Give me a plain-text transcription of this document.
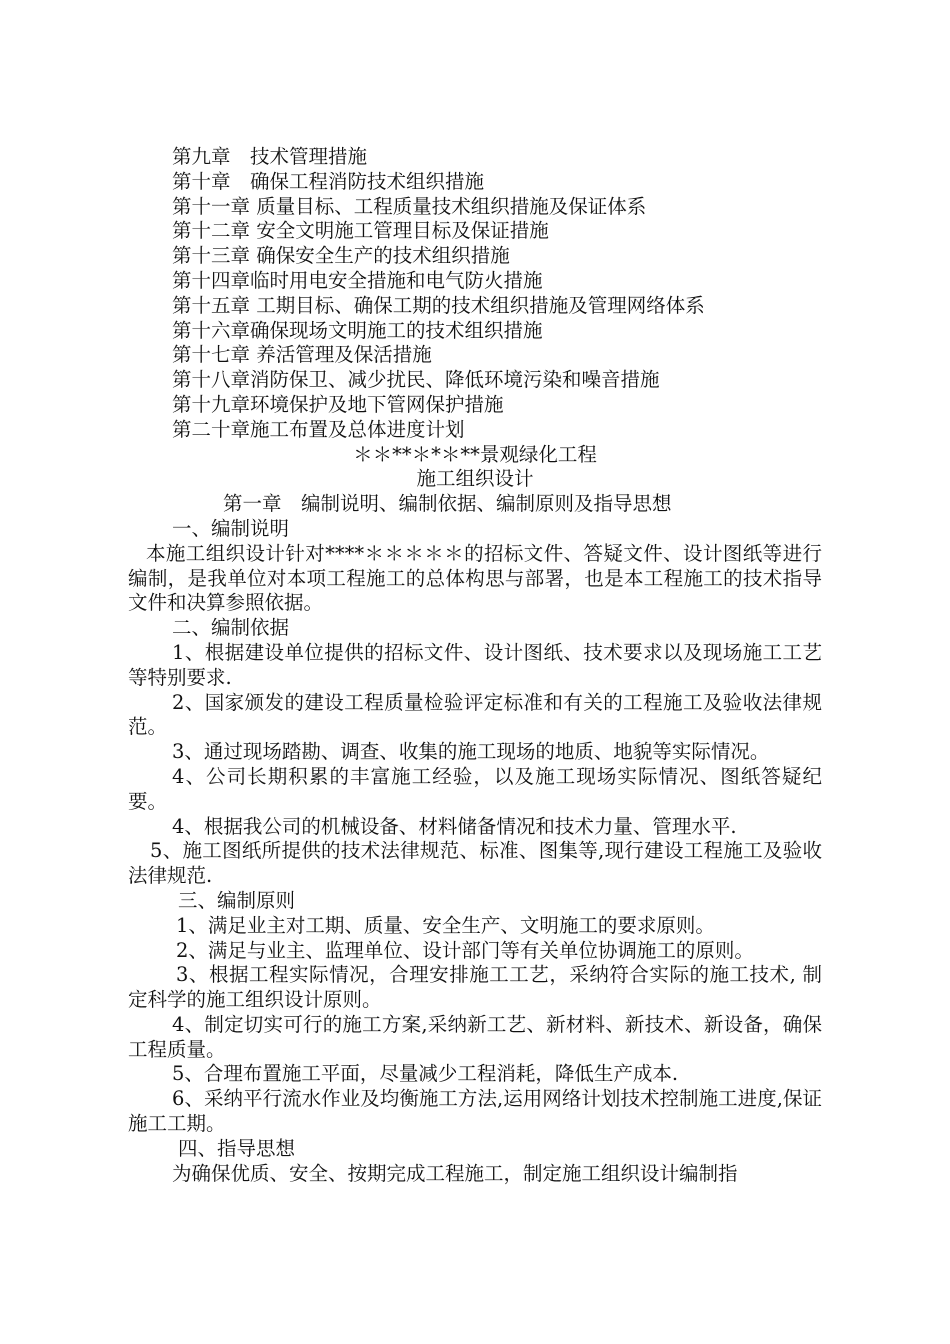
第九章　技术管理措施
第十章　确保工程消防技术组织措施
第十一章 质量目标、工程质量技术组织措施及保证体系
第十二章 安全文明施工管理目标及保证措施
第十三章 确保安全生产的技术组织措施
第十四章临时用电安全措施和电气防火措施
第十五章 工期目标、确保工期的技术组织措施及管理网络体系
第十六章确保现场文明施工的技术组织措施
第十七章 养活管理及保活措施
第十八章消防保卫、减少扰民、降低环境污染和噪音措施
第十九章环境保护及地下管网保护措施
第二十章施工布置及总体进度计划
＊＊**＊*＊**景观绿化工程
施工组织设计
第一章　编制说明、编制依据、编制原则及指导思想
一、编制说明

本施工组织设计针对****＊＊＊＊＊的招标文件、答疑文件、设计图纸等进行编制，是我单位对本项工程施工的总体构思与部署，也是本工程施工的技术指导文件和决算参照依据。

二、编制依据

1、根据建设单位提供的招标文件、设计图纸、技术要求以及现场施工工艺等特别要求.

2、国家颁发的建设工程质量检验评定标准和有关的工程施工及验收法律规范。

3、通过现场踏勘、调查、收集的施工现场的地质、地貌等实际情况。

4、公司长期积累的丰富施工经验，以及施工现场实际情况、图纸答疑纪要。

4、根据我公司的机械设备、材料储备情况和技术力量、管理水平.

5、施工图纸所提供的技术法律规范、标准、图集等,现行建设工程施工及验收法律规范.

三、编制原则

1、满足业主对工期、质量、安全生产、文明施工的要求原则。

2、满足与业主、监理单位、设计部门等有关单位协调施工的原则。

3、根据工程实际情况，合理安排施工工艺，采纳符合实际的施工技术, 制定科学的施工组织设计原则。

4、制定切实可行的施工方案,采纳新工艺、新材料、新技术、新设备，确保工程质量。

5、合理布置施工平面，尽量减少工程消耗，降低生产成本.

6、采纳平行流水作业及均衡施工方法,运用网络计划技术控制施工进度,保证施工工期。

四、指导思想

为确保优质、安全、按期完成工程施工，制定施工组织设计编制指
